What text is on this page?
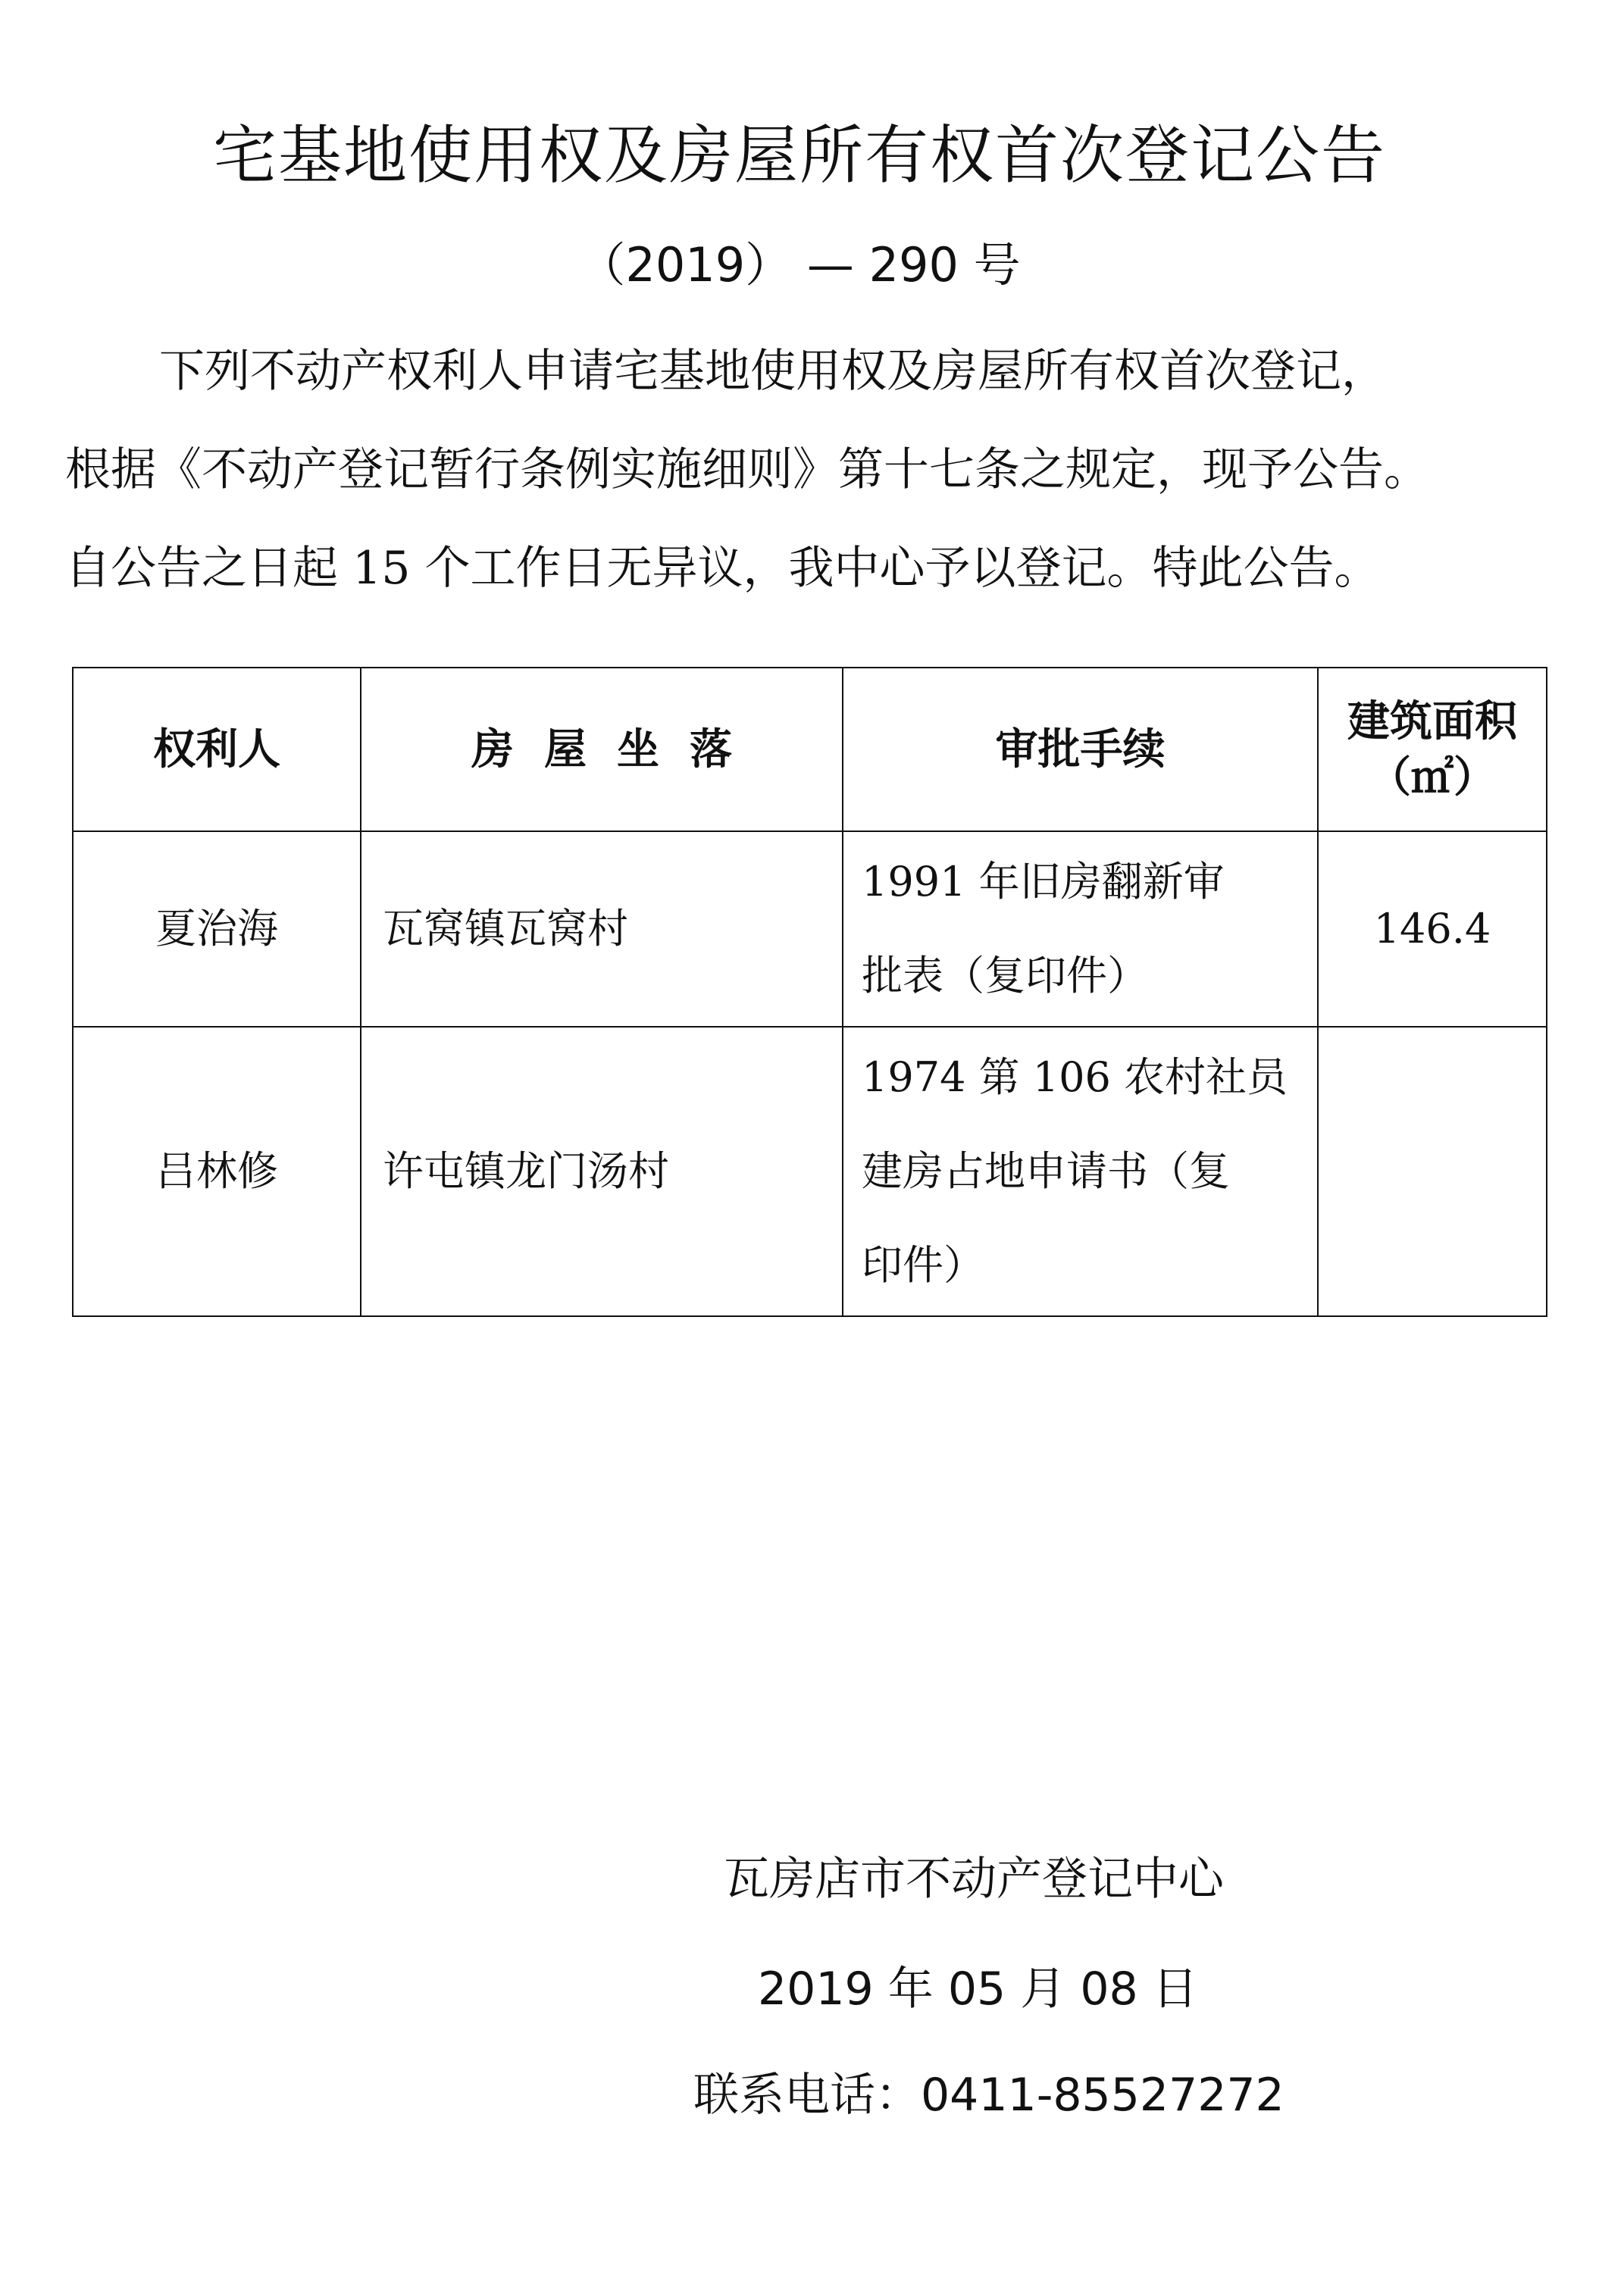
宅基地使用权及房屋所有权首次登记公告
（2019） — 290 号
下列不动产权利人申请宅基地使用权及房屋所有权首次登记，
根据《不动产登记暂行条例实施细则》第十七条之规定，现予公告。
自公告之日起 15 个工作日无异议，我中心予以登记。特此公告。
权利人	房屋坐落	审批手续	建筑面积
（㎡）

夏治海	瓦窝镇瓦窝村	1991 年旧房翻新审
批表（复印件）	146.4
吕林修	许屯镇龙门汤村	1974 第 106 农村社员
建房占地申请书（复
印件）	

瓦房店市不动产登记中心
2019 年 05 月 08 日
联系电话：0411-85527272
